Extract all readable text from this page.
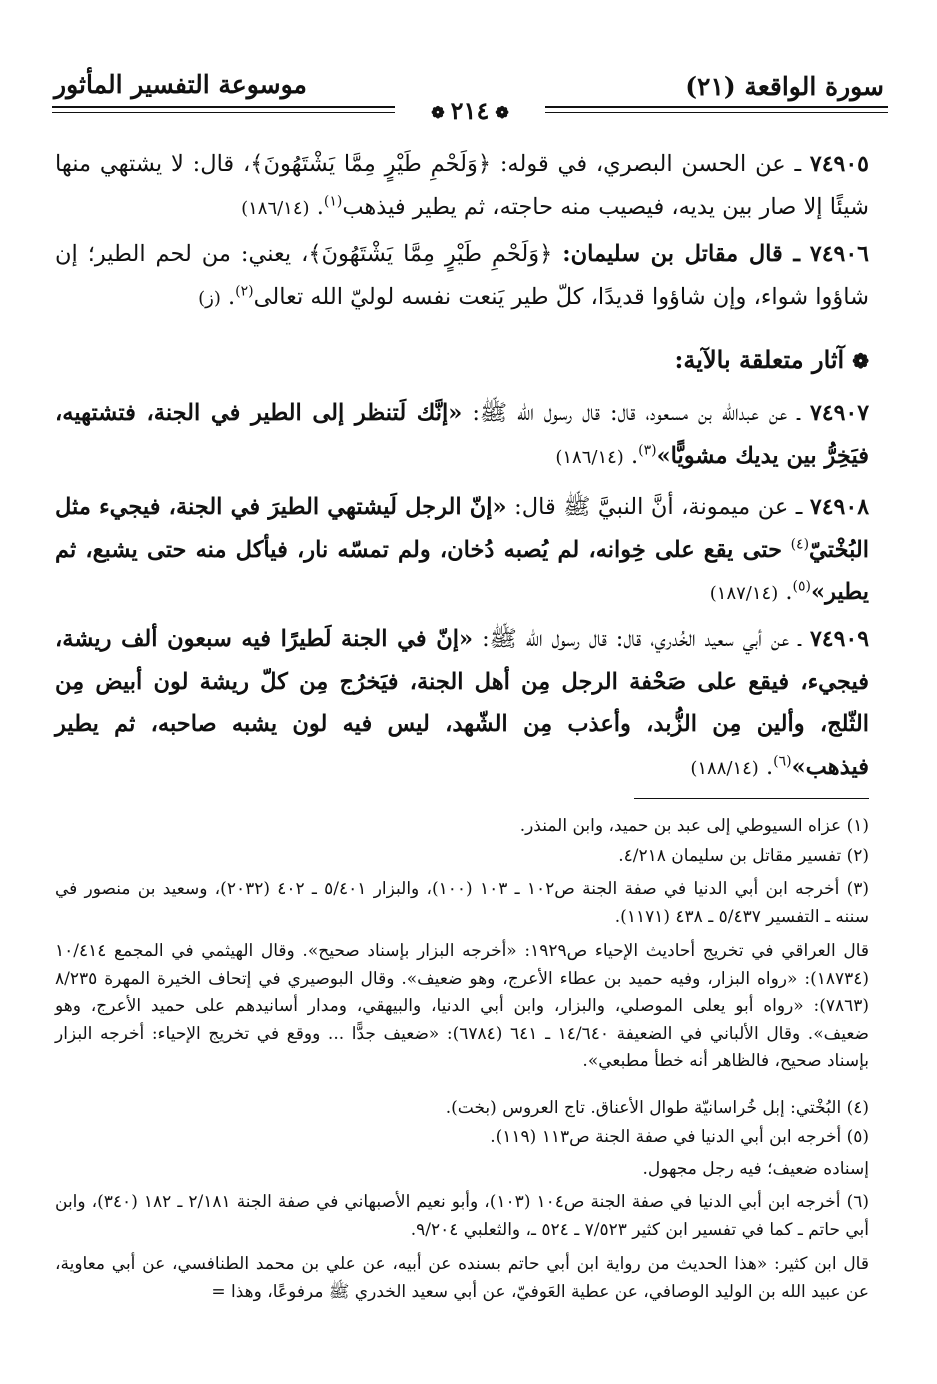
سورة الواقعة (٢١)
موسوعة التفسير المأثور
❁ ٢١٤ ❁
٧٤٩٠٥ ـ عن الحسن البصري، في قوله: ﴿وَلَحْمِ طَيْرٍ مِمَّا يَشْتَهُونَ﴾، قال: لا يشتهي منها شيئًا إلا صار بين يديه، فيصيب منه حاجته، ثم يطير فيذهب$^{(١)}$. (١٨٦/١٤)
٧٤٩٠٦ ـ قال مقاتل بن سليمان: ﴿وَلَحْمِ طَيْرٍ مِمَّا يَشْتَهُونَ﴾، يعني: من لحم الطير؛ إن شاؤوا شواء، وإن شاؤوا قديدًا، كلّ طير يَنعت نفسه لوليّ الله تعالى$^{(٢)}$. (ز)
❁آثار متعلقة بالآية:
٧٤٩٠٧ ـ عن عبدالله بن مسعود، قال: قال رسول الله ﷺ: «إنَّك لَتنظر إلى الطير في الجنة، فتشتهيه، فيَخِرُّ بين يديك مشويًّا»$^{(٣)}$. (١٨٦/١٤)
٧٤٩٠٨ ـ عن ميمونة، أنَّ النبيَّ ﷺ قال: «إنّ الرجل لَيشتهي الطيرَ في الجنة، فيجيء مثل البُخْتيّ$^{(٤)}$ حتى يقع على خِوانه، لم يُصبه دُخان، ولم تمسّه نار، فيأكل منه حتى يشبع، ثم يطير»$^{(٥)}$. (١٨٧/١٤)
٧٤٩٠٩ ـ عن أبي سعيد الخُدري، قال: قال رسول الله ﷺ: «إنّ في الجنة لَطيرًا فيه سبعون ألف ريشة، فيجيء، فيقع على صَحْفة الرجل مِن أهل الجنة، فيَخرُج مِن كلّ ريشة لون أبيض مِن الثّلج، وألين مِن الزُّبد، وأعذب مِن الشّهد، ليس فيه لون يشبه صاحبه، ثم يطير فيذهب»$^{(٦)}$. (١٨٨/١٤)
(١) عزاه السيوطي إلى عبد بن حميد، وابن المنذر.
(٢) تفسير مقاتل بن سليمان ٤/٢١٨.
(٣) أخرجه ابن أبي الدنيا في صفة الجنة ص١٠٢ ـ ١٠٣ (١٠٠)، والبزار ٥/٤٠١ ـ ٤٠٢ (٢٠٣٢)، وسعيد بن منصور في سننه ـ التفسير ٥/٤٣٧ ـ ٤٣٨ (١١٧١).
قال العراقي في تخريج أحاديث الإحياء ص١٩٢٩: «أخرجه البزار بإسناد صحيح». وقال الهيثمي في المجمع ١٠/٤١٤ (١٨٧٣٤): «رواه البزار، وفيه حميد بن عطاء الأعرج، وهو ضعيف». وقال البوصيري في إتحاف الخيرة المهرة ٨/٢٣٥ (٧٨٦٣): «رواه أبو يعلى الموصلي، والبزار، وابن أبي الدنيا، والبيهقي، ومدار أسانيدهم على حميد الأعرج، وهو ضعيف». وقال الألباني في الضعيفة ١٤/٦٤٠ ـ ٦٤١ (٦٧٨٤): «ضعيف جدًّا ... ووقع في تخريج الإحياء: أخرجه البزار بإسناد صحيح، فالظاهر أنه خطأ مطبعي».
(٤) البُخْتي: إبل خُراسانيّة طوال الأعناق. تاج العروس (بخت).
(٥) أخرجه ابن أبي الدنيا في صفة الجنة ص١١٣ (١١٩).
إسناده ضعيف؛ فيه رجل مجهول.
(٦) أخرجه ابن أبي الدنيا في صفة الجنة ص١٠٤ (١٠٣)، وأبو نعيم الأصبهاني في صفة الجنة ٢/١٨١ ـ ١٨٢ (٣٤٠)، وابن أبي حاتم ـ كما في تفسير ابن كثير ٧/٥٢٣ ـ ٥٢٤ ـ، والثعلبي ٩/٢٠٤.
قال ابن كثير: «هذا الحديث من رواية ابن أبي حاتم بسنده عن أبيه، عن علي بن محمد الطنافسي، عن أبي معاوية، عن عبيد الله بن الوليد الوصافي، عن عطية العَوفيّ، عن أبي سعيد الخدري ﷺ مرفوعًا، وهذا =
